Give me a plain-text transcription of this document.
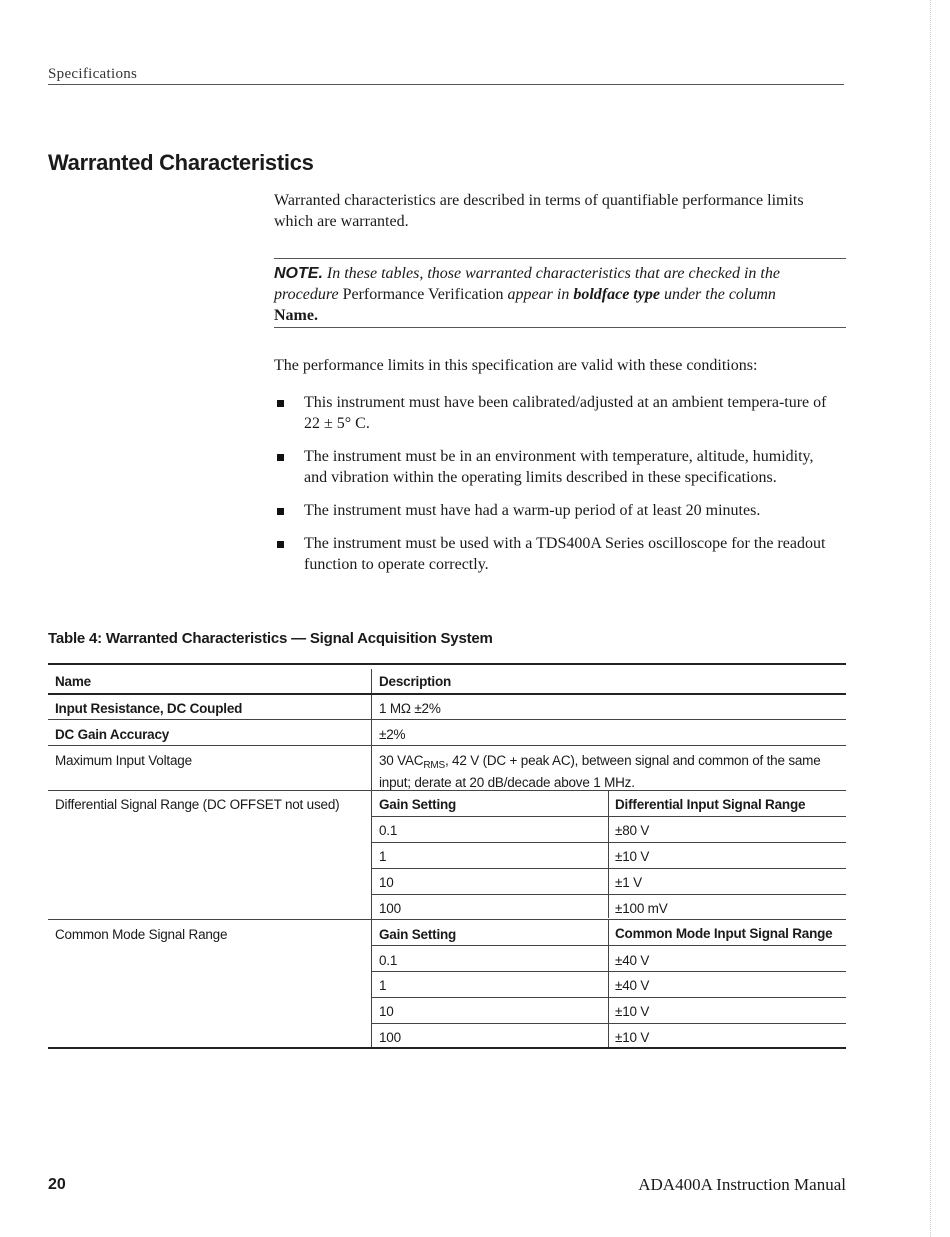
Specifications
Warranted Characteristics
Warranted characteristics are described in terms of quantifiable performance limits which are warranted.
NOTE. In these tables, those warranted characteristics that are checked in the procedure Performance Verification appear in boldface type under the column
Name.
The performance limits in this specification are valid with these conditions:
This instrument must have been calibrated/adjusted at an ambient tempera-ture of 22 ± 5° C.
The instrument must be in an environment with temperature, altitude, humidity, and vibration within the operating limits described in these specifications.
The instrument must have had a warm-up period of at least 20 minutes.
The instrument must be used with a TDS400A Series oscilloscope for the readout function to operate correctly.
Table 4: Warranted Characteristics — Signal Acquisition System
Name	Description
Input Resistance, DC Coupled	1 MΩ ±2%
DC Gain Accuracy	±2%
Maximum Input Voltage	30 $VAC_{RMS}$, 42 V (DC + peak AC), between signal and common of the same
input; derate at 20 dB/decade above 1 MHz.
Differential Signal Range (DC OFFSET not used)	Gain Setting	Differential Input Signal Range
0.1	±80 V
1	±10 V
10	±1 V
100	±100 mV
Common Mode Signal Range	Gain Setting	Common Mode Input Signal Range
0.1	±40 V
1	±40 V
10	±10 V
100	±10 V
20	ADA400A Instruction Manual
